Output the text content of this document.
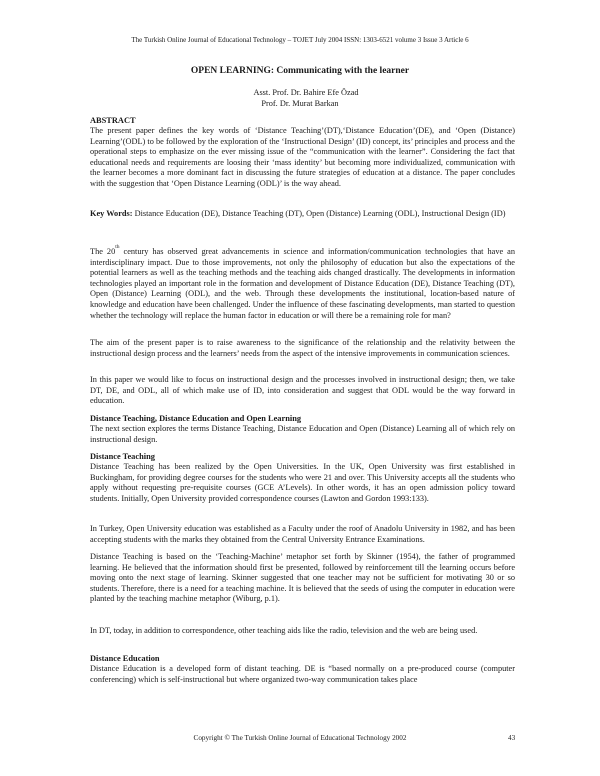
The Turkish Online Journal of Educational Technology – TOJET July 2004 ISSN: 1303-6521 volume 3 Issue 3 Article 6
OPEN LEARNING: Communicating with the learner
Asst. Prof. Dr. Bahire Efe Özad
Prof. Dr. Murat Barkan
ABSTRACT
The present paper defines the key words of ‘Distance Teaching’(DT),‘Distance Education’(DE), and ‘Open (Distance) Learning’(ODL) to be followed by the exploration of the ‘Instructional Design’ (ID) concept, its’ principles and process and the operational steps to emphasize on the ever missing issue of the “communication with the learner”. Considering the fact that educational needs and requirements are loosing their ‘mass identity’ but becoming more individualized, communication with the learner becomes a more dominant fact in discussing the future strategies of education at a distance. The paper concludes with the suggestion that ‘Open Distance Learning (ODL)’ is the way ahead.
Key Words: Distance Education (DE), Distance Teaching (DT), Open (Distance) Learning (ODL), Instructional Design (ID)
The 20th century has observed great advancements in science and information/communication technologies that have an interdisciplinary impact. Due to those improvements, not only the philosophy of education but also the expectations of the potential learners as well as the teaching methods and the teaching aids changed drastically. The developments in information technologies played an important role in the formation and development of Distance Education (DE), Distance Teaching (DT), Open (Distance) Learning (ODL), and the web. Through these developments the institutional, location-based nature of knowledge and education have been challenged. Under the influence of these fascinating developments, man started to question whether the technology will replace the human factor in education or will there be a remaining role for man?
The aim of the present paper is to raise awareness to the significance of the relationship and the relativity between the instructional design process and the learners’ needs from the aspect of the intensive improvements in communication sciences.
In this paper we would like to focus on instructional design and the processes involved in instructional design; then, we take DT, DE, and ODL, all of which make use of ID, into consideration and suggest that ODL would be the way forward in education.
Distance Teaching, Distance Education and Open Learning
The next section explores the terms Distance Teaching, Distance Education and Open (Distance) Learning all of which rely on instructional design.
Distance Teaching
Distance Teaching has been realized by the Open Universities. In the UK, Open University was first established in Buckingham, for providing degree courses for the students who were 21 and over. This University accepts all the students who apply without requesting pre-requisite courses (GCE A’Levels). In other words, it has an open admission policy toward students. Initially, Open University provided correspondence courses (Lawton and Gordon 1993:133).
In Turkey, Open University education was established as a Faculty under the roof of Anadolu University in 1982, and has been accepting students with the marks they obtained from the Central University Entrance Examinations.
Distance Teaching is based on the ‘Teaching-Machine’ metaphor set forth by Skinner (1954), the father of programmed learning. He believed that the information should first be presented, followed by reinforcement till the learning occurs before moving onto the next stage of learning. Skinner suggested that one teacher may not be sufficient for motivating 30 or so students. Therefore, there is a need for a teaching machine. It is believed that the seeds of using the computer in education were planted by the teaching machine metaphor (Wiburg, p.1).
In DT, today, in addition to correspondence, other teaching aids like the radio, television and the web are being used.
Distance Education
Distance Education is a developed form of distant teaching. DE is “based normally on a pre-produced course (computer conferencing) which is self-instructional but where organized two-way communication takes place
Copyright © The Turkish Online Journal of Educational Technology 2002	43
